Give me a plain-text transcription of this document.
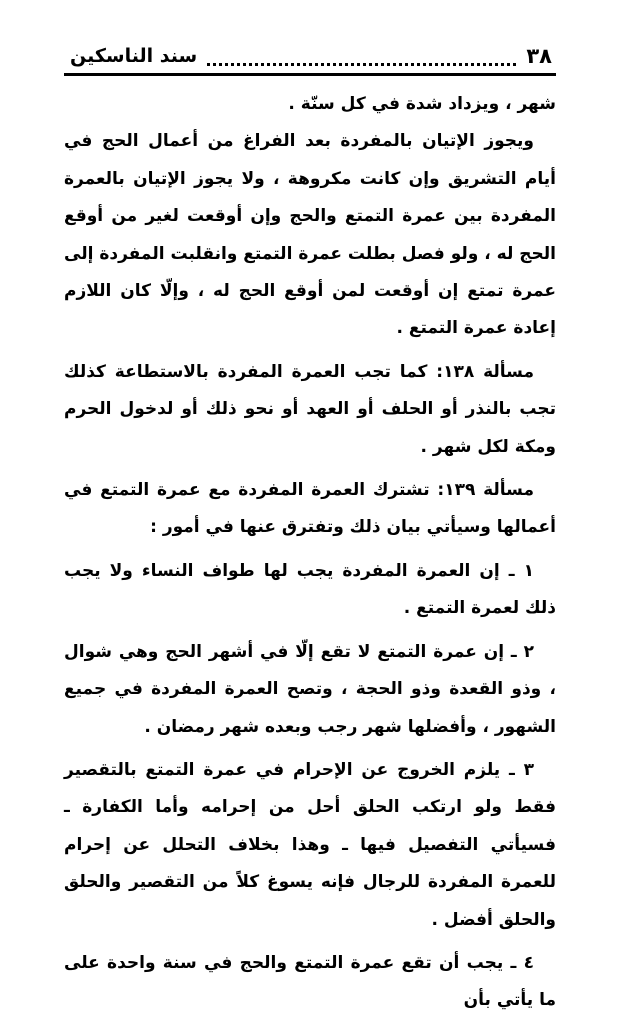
٣٨
سند الناسكين

شهر ، ويزداد شدة في كل سنّة .

ويجوز الإتيان بالمفردة بعد الفراغ من أعمال الحج في أيام التشريق وإن كانت مكروهة ، ولا يجوز الإتيان بالعمرة المفردة بين عمرة التمتع والحج وإن أوقعت لغير من أوقع الحج له ، ولو فصل بطلت عمرة التمتع وانقلبت المفردة إلى عمرة تمتع إن أوقعت لمن أوقع الحج له ، وإلّا كان اللازم إعادة عمرة التمتع .

مسألة ١٣٨: كما تجب العمرة المفردة بالاستطاعة كذلك تجب بالنذر أو الحلف أو العهد أو نحو ذلك أو لدخول الحرم ومكة لكل شهر .

مسألة ١٣٩: تشترك العمرة المفردة مع عمرة التمتع في أعمالها وسيأتي بيان ذلك وتفترق عنها في أمور :

١ ـ إن العمرة المفردة يجب لها طواف النساء ولا يجب ذلك لعمرة التمتع .

٢ ـ إن عمرة التمتع لا تقع إلّا في أشهر الحج وهي شوال ، وذو القعدة وذو الحجة ، وتصح العمرة المفردة في جميع الشهور ، وأفضلها شهر رجب وبعده شهر رمضان .

٣ ـ يلزم الخروج عن الإحرام في عمرة التمتع بالتقصير فقط ولو ارتكب الحلق أحل من إحرامه وأما الكفارة ـ فسيأتي التفصيل فيها ـ وهذا بخلاف التحلل عن إحرام للعمرة المفردة للرجال فإنه يسوغ كلاً من التقصير والحلق والحلق أفضل .

٤ ـ يجب أن تقع عمرة التمتع والحج في سنة واحدة على ما يأتي بأن
